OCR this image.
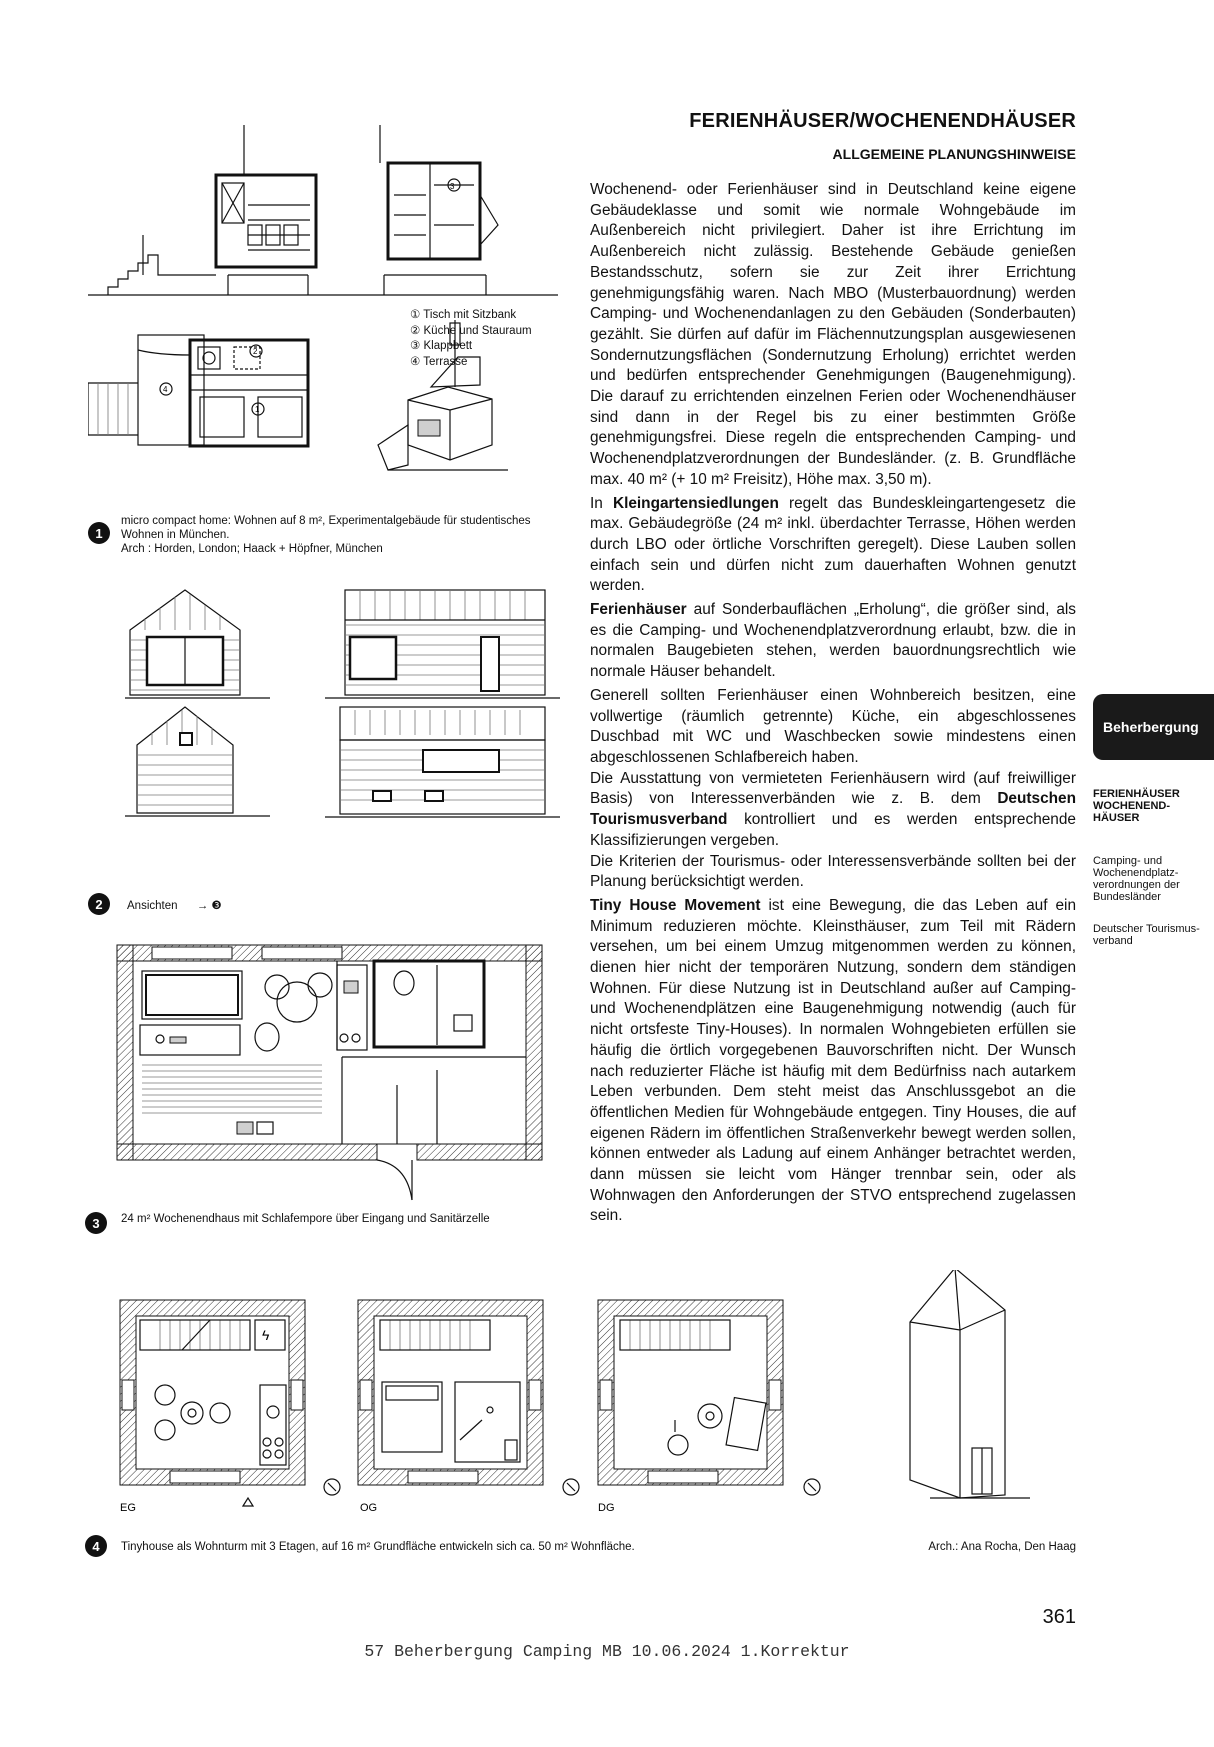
FERIENHÄUSER/WOCHENENDHÄUSER
ALLGEMEINE PLANUNGSHINWEISE

Wochenend- oder Ferienhäuser sind in Deutschland keine eigene Gebäudeklasse und somit wie normale Wohngebäude im Außenbereich nicht privilegiert. Daher ist ihre Errichtung im Außenbereich nicht zulässig. Bestehende Gebäude genießen Bestandsschutz, sofern sie zur Zeit ihrer Errichtung genehmigungsfähig waren. Nach MBO (Musterbauordnung) werden Camping- und Wochenendanlagen zu den Gebäuden (Sonderbauten) gezählt. Sie dürfen auf dafür im Flächennutzungsplan ausgewiesenen Sondernutzungsflächen (Sondernutzung Erholung) errichtet werden und bedürfen entsprechender Genehmigungen (Baugenehmigung). Die darauf zu errichtenden einzelnen Ferien oder Wochenendhäuser sind dann in der Regel bis zu einer bestimmten Größe genehmigungsfrei. Diese regeln die entsprechenden Camping- und Wochenendplatzverordnungen der Bundesländer. (z. B. Grundfläche max. 40 m² (+ 10 m² Freisitz), Höhe max. 3,50 m).

In Kleingartensiedlungen regelt das Bundeskleingartengesetz die max. Gebäudegröße (24 m² inkl. überdachter Terrasse, Höhen werden durch LBO oder örtliche Vorschriften geregelt). Diese Lauben sollen einfach sein und dürfen nicht zum dauerhaften Wohnen genutzt werden.

Ferienhäuser auf Sonderbauflächen „Erholung“, die größer sind, als es die Camping- und Wochenendplatzverordnung erlaubt, bzw. die in normalen Baugebieten stehen, werden bauordnungsrechtlich wie normale Häuser behandelt.

Generell sollten Ferienhäuser einen Wohnbereich besitzen, eine vollwertige (räumlich getrennte) Küche, ein abgeschlossenes Duschbad mit WC und Waschbecken sowie mindestens einen abgeschlossenen Schlafbereich haben.

Die Ausstattung von vermieteten Ferienhäusern wird (auf freiwilliger Basis) von Interessenverbänden wie z. B. dem Deutschen Tourismusverband kontrolliert und es werden entsprechende Klassifizierungen vergeben.

Die Kriterien der Tourismus- oder Interessensverbände sollten bei der Planung berücksichtigt werden.

Tiny House Movement ist eine Bewegung, die das Leben auf ein Minimum reduzieren möchte. Kleinsthäuser, zum Teil mit Rädern versehen, um bei einem Umzug mitgenommen werden zu können, dienen hier nicht der temporären Nutzung, sondern dem ständigen Wohnen. Für diese Nutzung ist in Deutschland außer auf Camping- und Wochenendplätzen eine Baugenehmigung notwendig (auch für nicht ortsfeste Tiny-Houses). In normalen Wohngebieten erfüllen sie häufig die örtlich vorgegebenen Bauvorschriften nicht. Der Wunsch nach reduzierter Fläche ist häufig mit dem Bedürfniss nach autarkem Leben verbunden. Dem steht meist das Anschlussgebot an die öffentlichen Medien für Wohngebäude entgegen. Tiny Houses, die auf eigenen Rädern im öffentlichen Straßenverkehr bewegt werden sollen, können entweder als Ladung auf einem Anhänger betrachtet werden, dann müssen sie leicht vom Hänger trennbar sein, oder als Wohnwagen den Anforderungen der STVO entsprechend zugelassen sein.

Beherbergung
FERIENHÄUSER WOCHENEND-HÄUSER
Camping- und Wochenendplatz-verordnungen der Bundesländer
Deutscher Tourismus-verband
3
2
1
4
① Tisch mit Sitzbank
② Küche und Stauraum
③ Klappbett
④ Terrasse
1
micro compact home: Wohnen auf 8 m², Experimentalgebäude für studentisches Wohnen in München.
Arch : Horden, London; Haack + Höpfner, München
2	Ansichten → ❸
3	24 m² Wochenendhaus mit Schlafempore über Eingang und Sanitärzelle
ϟ
EG	OG	DG
4	Tinyhouse als Wohnturm mit 3 Etagen, auf 16 m² Grundfläche entwickeln sich ca. 50 m² Wohnfläche.	Arch.: Ana Rocha, Den Haag
361
57 Beherbergung Camping MB 10.06.2024 1.Korrektur
